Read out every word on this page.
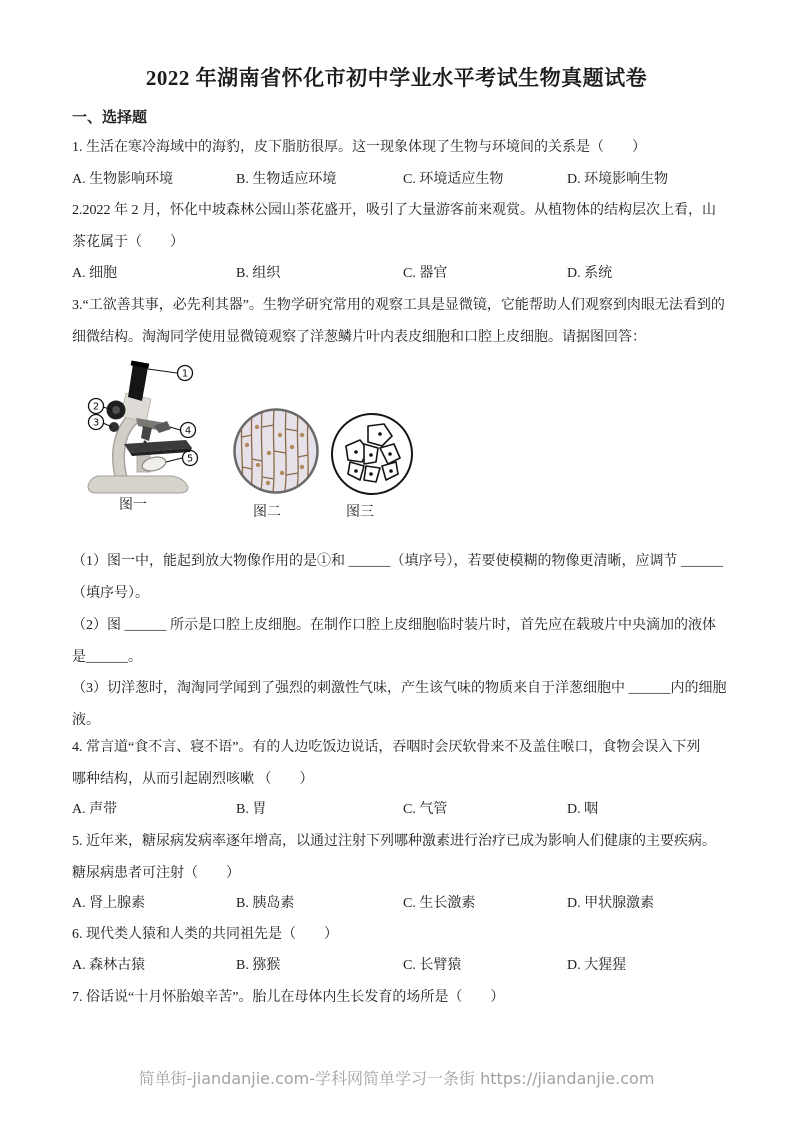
2022 年湖南省怀化市初中学业水平考试生物真题试卷
一、选择题
1. 生活在寒冷海域中的海豹，皮下脂肪很厚。这一现象体现了生物与环境间的关系是（　　）
A. 生物影响环境	B. 生物适应环境	C. 环境适应生物	D. 环境影响生物
2.2022 年 2 月，怀化中坡森林公园山茶花盛开，吸引了大量游客前来观赏。从植物体的结构层次上看，山
茶花属于（　　）
A. 细胞	B. 组织	C. 器官	D. 系统
3.“工欲善其事，必先利其器”。生物学研究常用的观察工具是显微镜，它能帮助人们观察到肉眼无法看到的
细微结构。淘淘同学使用显微镜观察了洋葱鳞片叶内表皮细胞和口腔上皮细胞。请据图回答：
1
2
3
4
5
图一	图二	图三
（1）图一中，能起到放大物像作用的是①和 ______（填序号），若要使模糊的物像更清晰，应调节 ______
（填序号）。
（2）图 ______ 所示是口腔上皮细胞。在制作口腔上皮细胞临时装片时，首先应在载玻片中央滴加的液体
是______。
（3）切洋葱时，淘淘同学闻到了强烈的刺激性气味，产生该气味的物质来自于洋葱细胞中 ______内的细胞
液。
4. 常言道“食不言、寝不语”。有的人边吃饭边说话，吞咽时会厌软骨来不及盖住喉口，食物会误入下列
哪种结构，从而引起剧烈咳嗽 （　　）
A. 声带	B. 胃	C. 气管	D. 咽
5. 近年来，糖尿病发病率逐年增高，以通过注射下列哪种激素进行治疗已成为影响人们健康的主要疾病。
糖尿病患者可注射（　　）
A. 肾上腺素	B. 胰岛素	C. 生长激素	D. 甲状腺激素
6. 现代类人猿和人类的共同祖先是（　　）
A. 森林古猿	B. 猕猴	C. 长臂猿	D. 大猩猩
7. 俗话说“十月怀胎娘辛苦”。胎儿在母体内生长发育的场所是（　　）
简单街-jiandanjie.com-学科网简单学习一条街 https://jiandanjie.com
